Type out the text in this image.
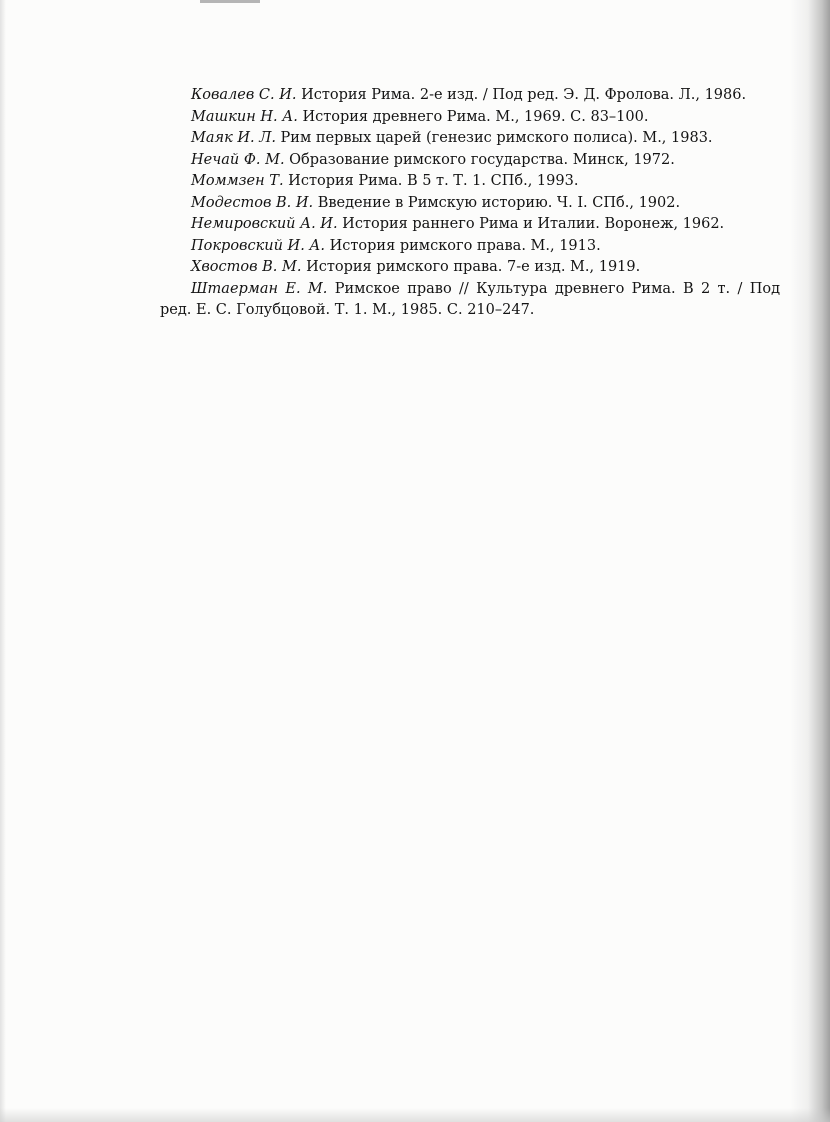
Ковалев С. И. История Рима. 2-е изд. / Под ред. Э. Д. Фролова. Л., 1986.

Машкин Н. А. История древнего Рима. М., 1969. С. 83–100.

Маяк И. Л. Рим первых царей (генезис римского полиса). М., 1983.

Нечай Ф. М. Образование римского государства. Минск, 1972.

Моммзен Т. История Рима. В 5 т. Т. 1. СПб., 1993.

Модестов В. И. Введение в Римскую историю. Ч. I. СПб., 1902.

Немировский А. И. История раннего Рима и Италии. Воронеж, 1962.

Покровский И. А. История римского права. М., 1913.

Хвостов В. М. История римского права. 7-е изд. М., 1919.

Штаерман Е. М. Римское право // Культура древнего Рима. В 2 т. / Под ред. Е. С. Голубцовой. Т. 1. М., 1985. С. 210–247.
